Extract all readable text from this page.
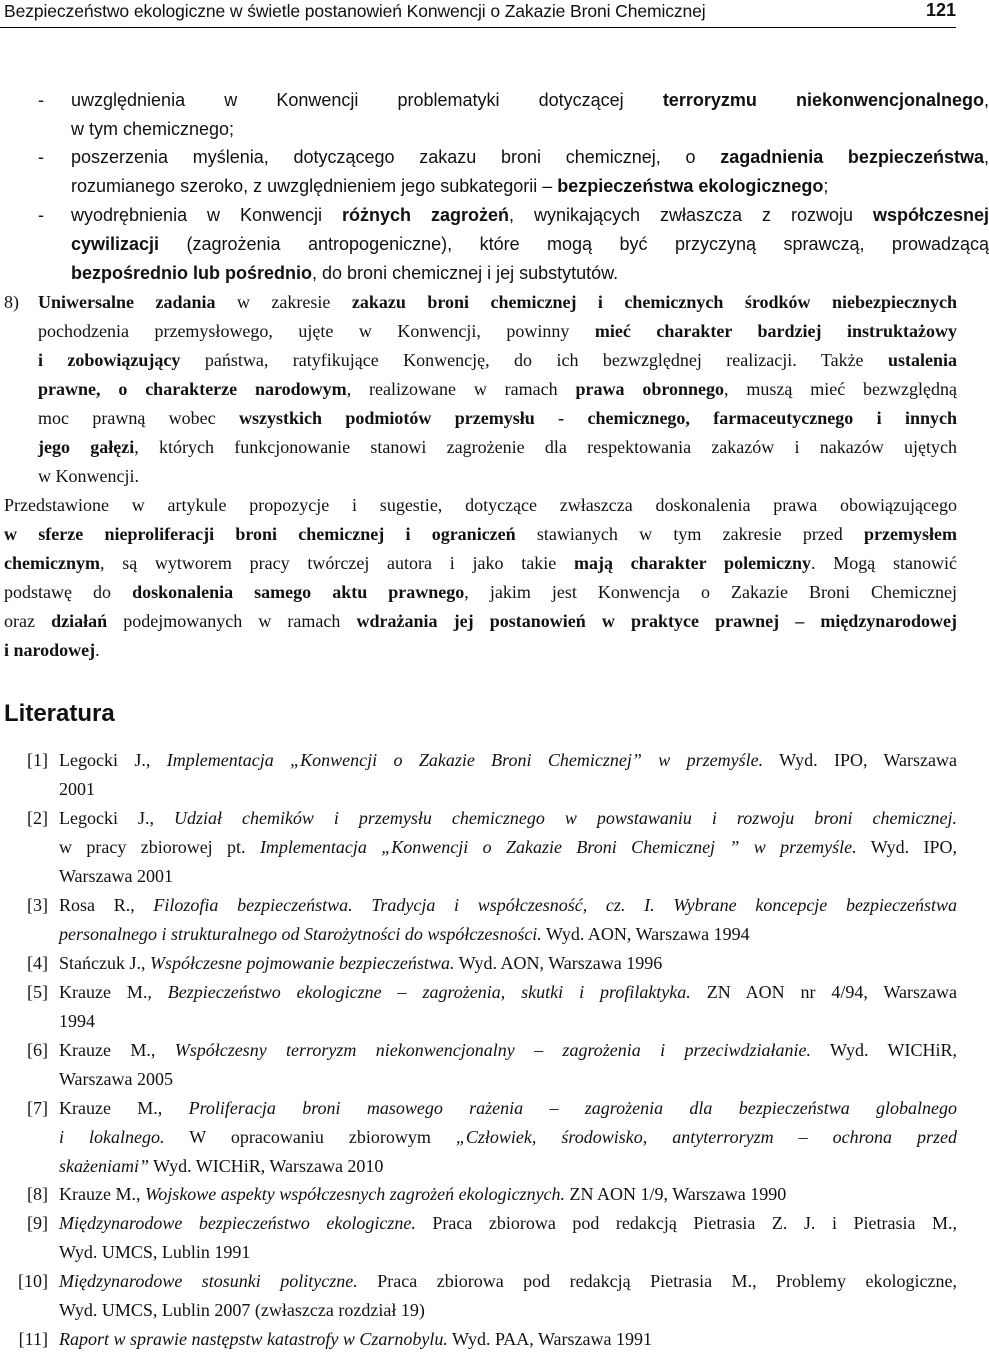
Bezpieczeństwo ekologiczne w świetle postanowień Konwencji o Zakazie Broni Chemicznej	121
- uwzględnienia w Konwencji problematyki dotyczącej terroryzmu niekonwencjonalnego,
w tym chemicznego;
- poszerzenia myślenia, dotyczącego zakazu broni chemicznej, o zagadnienia bezpieczeństwa,
rozumianego szeroko, z uwzględnieniem jego subkategorii – bezpieczeństwa ekologicznego;
- wyodrębnienia w Konwencji różnych zagrożeń, wynikających zwłaszcza z rozwoju współczesnej
cywilizacji (zagrożenia antropogeniczne), które mogą być przyczyną sprawczą, prowadzącą
bezpośrednio lub pośrednio, do broni chemicznej i jej substytutów.
8) Uniwersalne zadania w zakresie zakazu broni chemicznej i chemicznych środków niebezpiecznych
pochodzenia przemysłowego, ujęte w Konwencji, powinny mieć charakter bardziej instruktażowy
i zobowiązujący państwa, ratyfikujące Konwencję, do ich bezwzględnej realizacji. Także ustalenia
prawne, o charakterze narodowym, realizowane w ramach prawa obronnego, muszą mieć bezwzględną
moc prawną wobec wszystkich podmiotów przemysłu - chemicznego, farmaceutycznego i innych
jego gałęzi, których funkcjonowanie stanowi zagrożenie dla respektowania zakazów i nakazów ujętych
w Konwencji.
Przedstawione w artykule propozycje i sugestie, dotyczące zwłaszcza doskonalenia prawa obowiązującego
w sferze nieproliferacji broni chemicznej i ograniczeń stawianych w tym zakresie przed przemysłem
chemicznym, są wytworem pracy twórczej autora i jako takie mają charakter polemiczny. Mogą stanowić
podstawę do doskonalenia samego aktu prawnego, jakim jest Konwencja o Zakazie Broni Chemicznej
oraz działań podejmowanych w ramach wdrażania jej postanowień w praktyce prawnej – międzynarodowej
i narodowej.
Literatura
[1] Legocki J., Implementacja „Konwencji o Zakazie Broni Chemicznej” w przemyśle. Wyd. IPO, Warszawa
2001
[2] Legocki J., Udział chemików i przemysłu chemicznego w powstawaniu i rozwoju broni chemicznej.
w pracy zbiorowej pt. Implementacja „Konwencji o Zakazie Broni Chemicznej ” w przemyśle. Wyd. IPO,
Warszawa 2001
[3] Rosa R., Filozofia bezpieczeństwa. Tradycja i współczesność, cz. I. Wybrane koncepcje bezpieczeństwa
personalnego i strukturalnego od Starożytności do współczesności. Wyd. AON, Warszawa 1994
[4] Stańczuk J., Współczesne pojmowanie bezpieczeństwa. Wyd. AON, Warszawa 1996
[5] Krauze M., Bezpieczeństwo ekologiczne – zagrożenia, skutki i profilaktyka. ZN AON nr 4/94, Warszawa
1994
[6] Krauze M., Współczesny terroryzm niekonwencjonalny – zagrożenia i przeciwdziałanie. Wyd. WICHiR,
Warszawa 2005
[7] Krauze M., Proliferacja broni masowego rażenia – zagrożenia dla bezpieczeństwa globalnego
i lokalnego. W opracowaniu zbiorowym „Człowiek, środowisko, antyterroryzm – ochrona przed
skażeniami” Wyd. WICHiR, Warszawa 2010
[8] Krauze M., Wojskowe aspekty współczesnych zagrożeń ekologicznych. ZN AON 1/9, Warszawa 1990
[9] Międzynarodowe bezpieczeństwo ekologiczne. Praca zbiorowa pod redakcją Pietrasia Z. J. i Pietrasia M.,
Wyd. UMCS, Lublin 1991
[10] Międzynarodowe stosunki polityczne. Praca zbiorowa pod redakcją Pietrasia M., Problemy ekologiczne,
Wyd. UMCS, Lublin 2007 (zwłaszcza rozdział 19)
[11] Raport w sprawie następstw katastrofy w Czarnobylu. Wyd. PAA, Warszawa 1991
